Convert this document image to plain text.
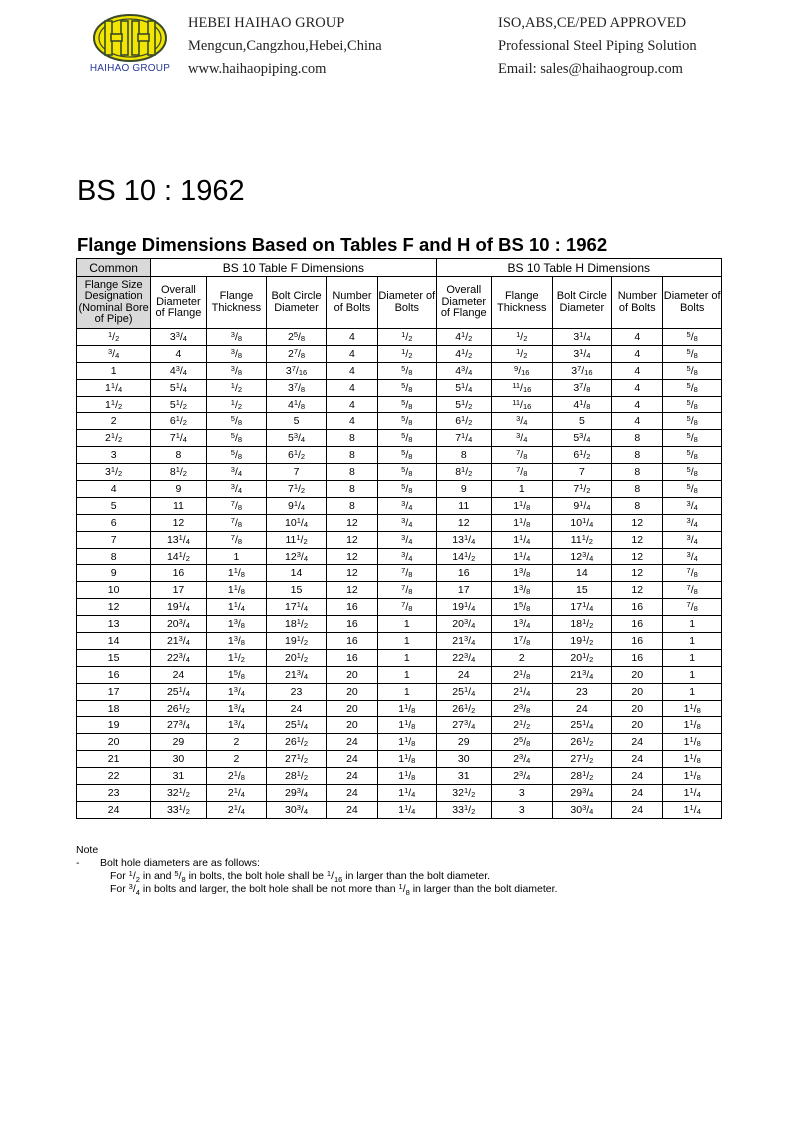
HAIHAO GROUP
HEBEI HAIHAO GROUP
Mengcun,Cangzhou,Hebei,China
www.haihaopiping.com
ISO,ABS,CE/PED APPROVED
Professional Steel Piping Solution
Email: sales@haihaogroup.com
BS 10 : 1962
Flange Dimensions Based on Tables F and H of BS 10 : 1962
Common	BS 10 Table F Dimensions					BS 10 Table H Dimensions				
Flange Size Designation (Nominal Bore of Pipe)	Overall Diameter of Flange	Flange Thickness	Bolt Circle Diameter	Number of Bolts	Diameter of Bolts	Overall Diameter of Flange	Flange Thickness	Bolt Circle Diameter	Number of Bolts	Diameter of Bolts
$^1/_2$	$3^3/_4$	$^3/_8$	$2^5/_8$	4	$^1/_2$	$4^1/_2$	$^1/_2$	$3^1/_4$	4	$^5/_8$
$^3/_4$	4	$^3/_8$	$2^7/_8$	4	$^1/_2$	$4^1/_2$	$^1/_2$	$3^1/_4$	4	$^5/_8$
1	$4^3/_4$	$^3/_8$	$3^7/_{16}$	4	$^5/_8$	$4^3/_4$	$^9/_{16}$	$3^7/_{16}$	4	$^5/_8$
$1^1/_4$	$5^1/_4$	$^1/_2$	$3^7/_8$	4	$^5/_8$	$5^1/_4$	$^{11}/_{16}$	$3^7/_8$	4	$^5/_8$
$1^1/_2$	$5^1/_2$	$^1/_2$	$4^1/_8$	4	$^5/_8$	$5^1/_2$	$^{11}/_{16}$	$4^1/_8$	4	$^5/_8$
2	$6^1/_2$	$^5/_8$	5	4	$^5/_8$	$6^1/_2$	$^3/_4$	5	4	$^5/_8$
$2^1/_2$	$7^1/_4$	$^5/_8$	$5^3/_4$	8	$^5/_8$	$7^1/_4$	$^3/_4$	$5^3/_4$	8	$^5/_8$
3	8	$^5/_8$	$6^1/_2$	8	$^5/_8$	8	$^7/_8$	$6^1/_2$	8	$^5/_8$
$3^1/_2$	$8^1/_2$	$^3/_4$	7	8	$^5/_8$	$8^1/_2$	$^7/_8$	7	8	$^5/_8$
4	9	$^3/_4$	$7^1/_2$	8	$^5/_8$	9	1	$7^1/_2$	8	$^5/_8$
5	11	$^7/_8$	$9^1/_4$	8	$^3/_4$	11	$1^1/_8$	$9^1/_4$	8	$^3/_4$
6	12	$^7/_8$	$10^1/_4$	12	$^3/_4$	12	$1^1/_8$	$10^1/_4$	12	$^3/_4$
7	$13^1/_4$	$^7/_8$	$11^1/_2$	12	$^3/_4$	$13^1/_4$	$1^1/_4$	$11^1/_2$	12	$^3/_4$
8	$14^1/_2$	1	$12^3/_4$	12	$^3/_4$	$14^1/_2$	$1^1/_4$	$12^3/_4$	12	$^3/_4$
9	16	$1^1/_8$	14	12	$^7/_8$	16	$1^3/_8$	14	12	$^7/_8$
10	17	$1^1/_8$	15	12	$^7/_8$	17	$1^3/_8$	15	12	$^7/_8$
12	$19^1/_4$	$1^1/_4$	$17^1/_4$	16	$^7/_8$	$19^1/_4$	$1^5/_8$	$17^1/_4$	16	$^7/_8$
13	$20^3/_4$	$1^3/_8$	$18^1/_2$	16	1	$20^3/_4$	$1^3/_4$	$18^1/_2$	16	1
14	$21^3/_4$	$1^3/_8$	$19^1/_2$	16	1	$21^3/_4$	$1^7/_8$	$19^1/_2$	16	1
15	$22^3/_4$	$1^1/_2$	$20^1/_2$	16	1	$22^3/_4$	2	$20^1/_2$	16	1
16	24	$1^5/_8$	$21^3/_4$	20	1	24	$2^1/_8$	$21^3/_4$	20	1
17	$25^1/_4$	$1^3/_4$	23	20	1	$25^1/_4$	$2^1/_4$	23	20	1
18	$26^1/_2$	$1^3/_4$	24	20	$1^1/_8$	$26^1/_2$	$2^3/_8$	24	20	$1^1/_8$
19	$27^3/_4$	$1^3/_4$	$25^1/_4$	20	$1^1/_8$	$27^3/_4$	$2^1/_2$	$25^1/_4$	20	$1^1/_8$
20	29	2	$26^1/_2$	24	$1^1/_8$	29	$2^5/_8$	$26^1/_2$	24	$1^1/_8$
21	30	2	$27^1/_2$	24	$1^1/_8$	30	$2^3/_4$	$27^1/_2$	24	$1^1/_8$
22	31	$2^1/_8$	$28^1/_2$	24	$1^1/_8$	31	$2^3/_4$	$28^1/_2$	24	$1^1/_8$
23	$32^1/_2$	$2^1/_4$	$29^3/_4$	24	$1^1/_4$	$32^1/_2$	3	$29^3/_4$	24	$1^1/_4$
24	$33^1/_2$	$2^1/_4$	$30^3/_4$	24	$1^1/_4$	$33^1/_2$	3	$30^3/_4$	24	$1^1/_4$
Note
- Bolt hole diameters are as follows:
For $^1/_2$ in and $^5/_8$ in bolts, the bolt hole shall be $^1/_{16}$ in larger than the bolt diameter.
For $^3/_4$ in bolts and larger, the bolt hole shall be not more than $^1/_8$ in larger than the bolt diameter.
